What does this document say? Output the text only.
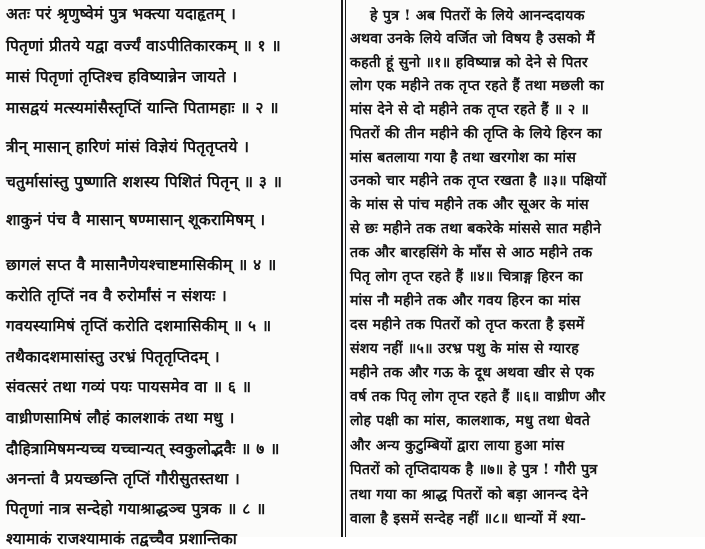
अतः परं श्रृणुष्वेमं पुत्र भक्त्या यदाहृतम् ।
पितृणां प्रीतये यद्वा वर्ज्यं वाऽपीतिकारकम् ॥ १ ॥
मासं पितृणां तृप्तिश्च हविष्यान्नेन जायते ।
मासद्वयं मत्स्यमांसैस्तृप्तिं यान्ति पितामहाः ॥ २ ॥
त्रीन् मासान् हारिणं मांसं विज्ञेयं पितृतृप्तये ।
चतुर्मासांस्तु पुष्णाति शशस्य पिशितं पितृन् ॥ ३ ॥
शाकुनं पंच वै मासान् षण्मासान् शूकरामिषम् ।
छागलं सप्त वै मासानैणेयश्चाष्टमासिकीम् ॥ ४ ॥
करोति तृप्तिं नव वै रुरोर्मांसं न संशयः ।
गवयस्यामिषं तृप्तिं करोति दशमासिकीम् ॥ ५ ॥
तथैकादशमासांस्तु उरभ्रं पितृतृप्तिदम् ।
संवत्सरं तथा गव्यं पयः पायसमेव वा ॥ ६ ॥
वाध्रीणसामिषं लौहं कालशाकं तथा मधु ।
दौहित्रामिषमन्यच्च यच्चान्यत् स्वकुलोद्भवैः ॥ ७ ॥
अनन्तां वै प्रयच्छन्ति तृप्तिं गौरीसुतस्तथा ।
पितृणां नात्र सन्देहो गयाश्राद्धञ्च पुत्रक ॥ ८ ॥
श्यामाकं राजश्यामाकं तद्वच्चैव प्रशान्तिका
हे पुत्र ! अब पितरों के लिये आनन्ददायक
अथवा उनके लिये वर्जित जो विषय है उसको मैं
कहती हूं सुनो ॥१॥ हविष्यान्न को देने से पितर
लोग एक महीने तक तृप्त रहते हैं तथा मछली का
मांस देने से दो महीने तक तृप्त रहते हैं ॥ २ ॥
पितरों की तीन महीने की तृप्ति के लिये हिरन का
मांस बतलाया गया है तथा खरगोश का मांस
उनको चार महीने तक तृप्त रखता है ॥३॥ पक्षियों
के मांस से पांच महीने तक और सूअर के मांस
से छः महीने तक तथा बकरेके मांससे सात महीने
तक और बारहसिंगे के माँस से आठ महीने तक
पितृ लोग तृप्त रहते हैं ॥४॥ चित्राङ्ग हिरन का
मांस नौ महीने तक और गवय हिरन का मांस
दस महीने तक पितरों को तृप्त करता है इसमें
संशय नहीं ॥५॥ उरभ्र पशु के मांस से ग्यारह
महीने तक और गऊ के दूध अथवा खीर से एक
वर्ष तक पितृ लोग तृप्त रहते हैं ॥६॥ वाध्रीण और
लोह पक्षी का मांस, कालशाक, मधु तथा धेवते
और अन्य कुटुम्बियों द्वारा लाया हुआ मांस
पितरों को तृप्तिदायक है ॥७॥ हे पुत्र ! गौरी पुत्र
तथा गया का श्राद्ध पितरों को बड़ा आनन्द देने
वाला है इसमें सन्देह नहीं ॥८॥ धान्यों में श्या-
